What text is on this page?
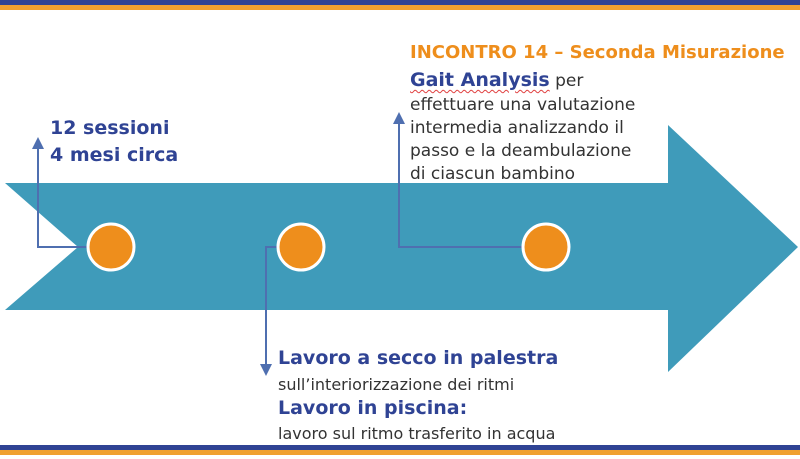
12 sessioni

4 mesi circa

INCONTRO 14 – Seconda Misurazione

Gait Analysis per

effettuare una valutazione

intermedia analizzando il

passo e la deambulazione

di ciascun bambino

Lavoro a secco in palestra

sull’interiorizzazione dei ritmi

Lavoro in piscina:

lavoro sul ritmo trasferito in acqua
